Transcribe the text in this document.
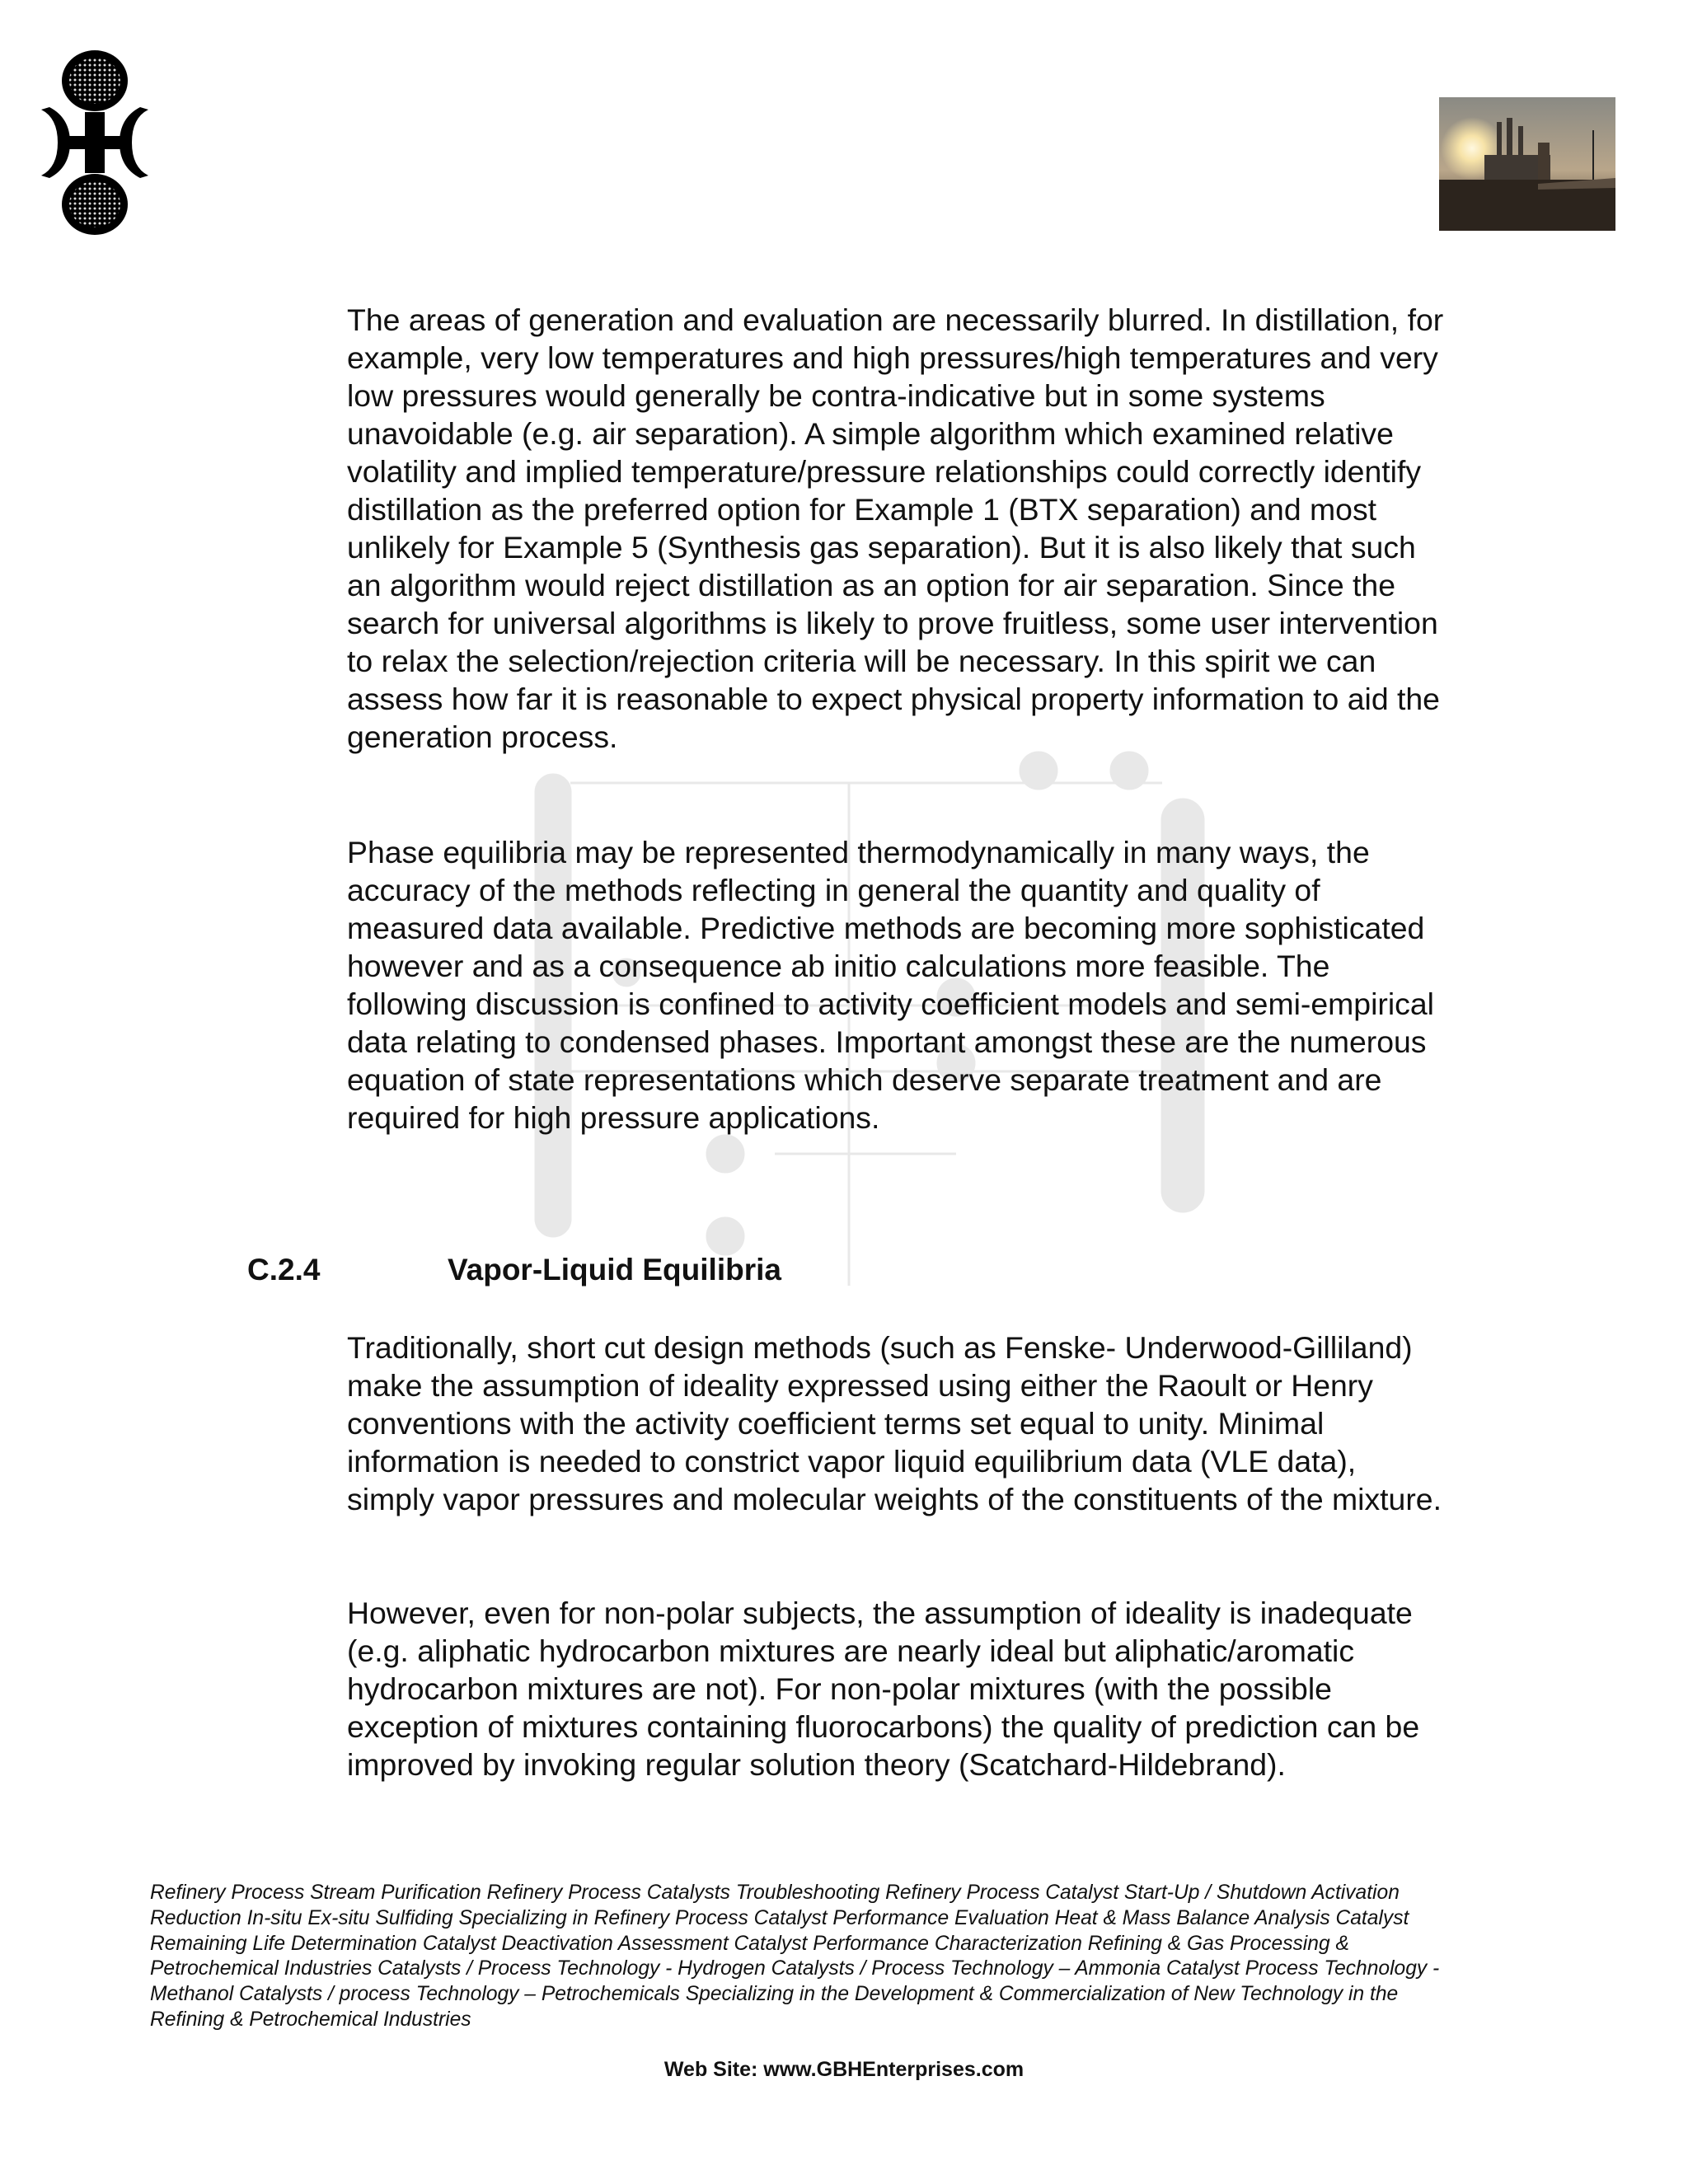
The areas of generation and evaluation are necessarily blurred. In distillation, for example, very low temperatures and high pressures/high temperatures and very low pressures would generally be contra-indicative but in some systems unavoidable (e.g. air separation). A simple algorithm which examined relative volatility and implied temperature/pressure relationships could correctly identify distillation as the preferred option for Example 1 (BTX separation) and most unlikely for Example 5 (Synthesis gas separation). But it is also likely that such an algorithm would reject distillation as an option for air separation. Since the search for universal algorithms is likely to prove fruitless, some user intervention to relax the selection/rejection criteria will be necessary. In this spirit we can assess how far it is reasonable to expect physical property information to aid the generation process.

Phase equilibria may be represented thermodynamically in many ways, the accuracy of the methods reflecting in general the quantity and quality of measured data available. Predictive methods are becoming more sophisticated however and as a consequence ab initio calculations more feasible. The following discussion is confined to activity coefficient models and semi-empirical data relating to condensed phases. Important amongst these are the numerous equation of state representations which deserve separate treatment and are required for high pressure applications.

C.2.4	Vapor-Liquid Equilibria

Traditionally, short cut design methods (such as Fenske- Underwood-Gilliland) make the assumption of ideality expressed using either the Raoult or Henry conventions with the activity coefficient terms set equal to unity. Minimal information is needed to constrict vapor liquid equilibrium data (VLE data), simply vapor pressures and molecular weights of the constituents of the mixture.

However, even for non-polar subjects, the assumption of ideality is inadequate (e.g. aliphatic hydrocarbon mixtures are nearly ideal but aliphatic/aromatic hydrocarbon mixtures are not). For non-polar mixtures (with the possible exception of mixtures containing fluorocarbons) the quality of prediction can be improved by invoking regular solution theory (Scatchard-Hildebrand).

Refinery Process Stream Purification Refinery Process Catalysts Troubleshooting Refinery Process Catalyst Start-Up / Shutdown Activation Reduction In-situ Ex-situ Sulfiding Specializing in Refinery Process Catalyst Performance Evaluation Heat & Mass Balance Analysis Catalyst Remaining Life Determination Catalyst Deactivation Assessment Catalyst Performance Characterization Refining & Gas Processing & Petrochemical Industries Catalysts / Process Technology - Hydrogen Catalysts / Process Technology – Ammonia Catalyst Process Technology - Methanol Catalysts / process Technology – Petrochemicals Specializing in the Development & Commercialization of New Technology in the Refining & Petrochemical Industries

Web Site: www.GBHEnterprises.com
